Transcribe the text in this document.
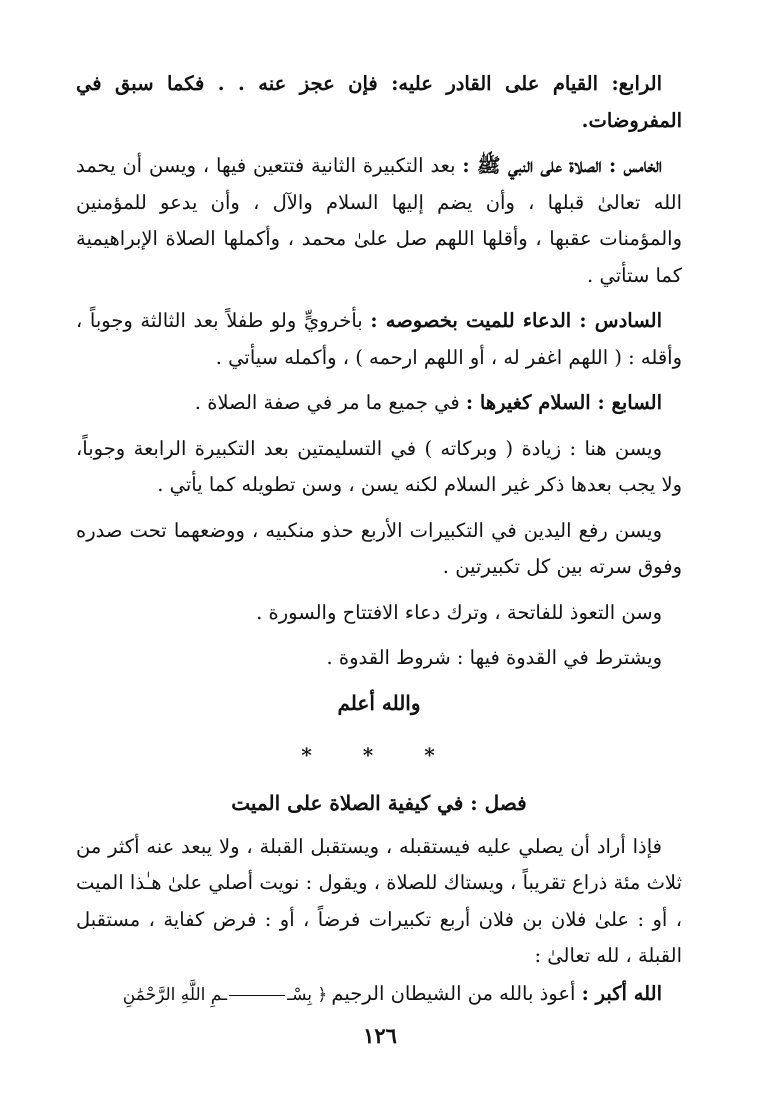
الرابع: القيام على القادر عليه: فإن عجز عنه . . فكما سبق في المفروضات.

الخامس : الصلاة على النبي ﷺ : بعد التكبيرة الثانية فتتعين فيها ، ويسن أن يحمد الله تعالىٰ قبلها ، وأن يضم إليها السلام والآل ، وأن يدعو للمؤمنين والمؤمنات عقبها ، وأقلها اللهم صل علىٰ محمد ، وأكملها الصلاة الإبراهيمية كما ستأتي .

السادس : الدعاء للميت بخصوصه : بأخرويٍّ ولو طفلاً بعد الثالثة وجوباً ، وأقله : ( اللهم اغفر له ، أو اللهم ارحمه ) ، وأكمله سيأتي .

السابع : السلام كغيرها : في جميع ما مر في صفة الصلاة .

ويسن هنا : زيادة ( وبركاته ) في التسليمتين بعد التكبيرة الرابعة وجوباً، ولا يجب بعدها ذكر غير السلام لكنه يسن ، وسن تطويله كما يأتي .

ويسن رفع اليدين في التكبيرات الأربع حذو منكبيه ، ووضعهما تحت صدره وفوق سرته بين كل تكبيرتين .

وسن التعوذ للفاتحة ، وترك دعاء الافتتاح والسورة .

ويشترط في القدوة فيها : شروط القدوة .

والله أعلم
* * *
فصل : في كيفية الصلاة على الميت

فإذا أراد أن يصلي عليه فيستقبله ، ويستقبل القبلة ، ولا يبعد عنه أكثر من ثلاث مئة ذراع تقريباً ، ويستاك للصلاة ، ويقول : نويت أصلي علىٰ هـٰذا الميت ، أو : علىٰ فلان بن فلان أربع تكبيرات فرضاً ، أو : فرض كفاية ، مستقبل القبلة ، لله تعالىٰ :

الله أكبر :

أعوذ بالله من الشيطان الرجيم
﴿ بِسْــمِ اللَّهِ الرَّحْمَٰنِ
١٢٦
